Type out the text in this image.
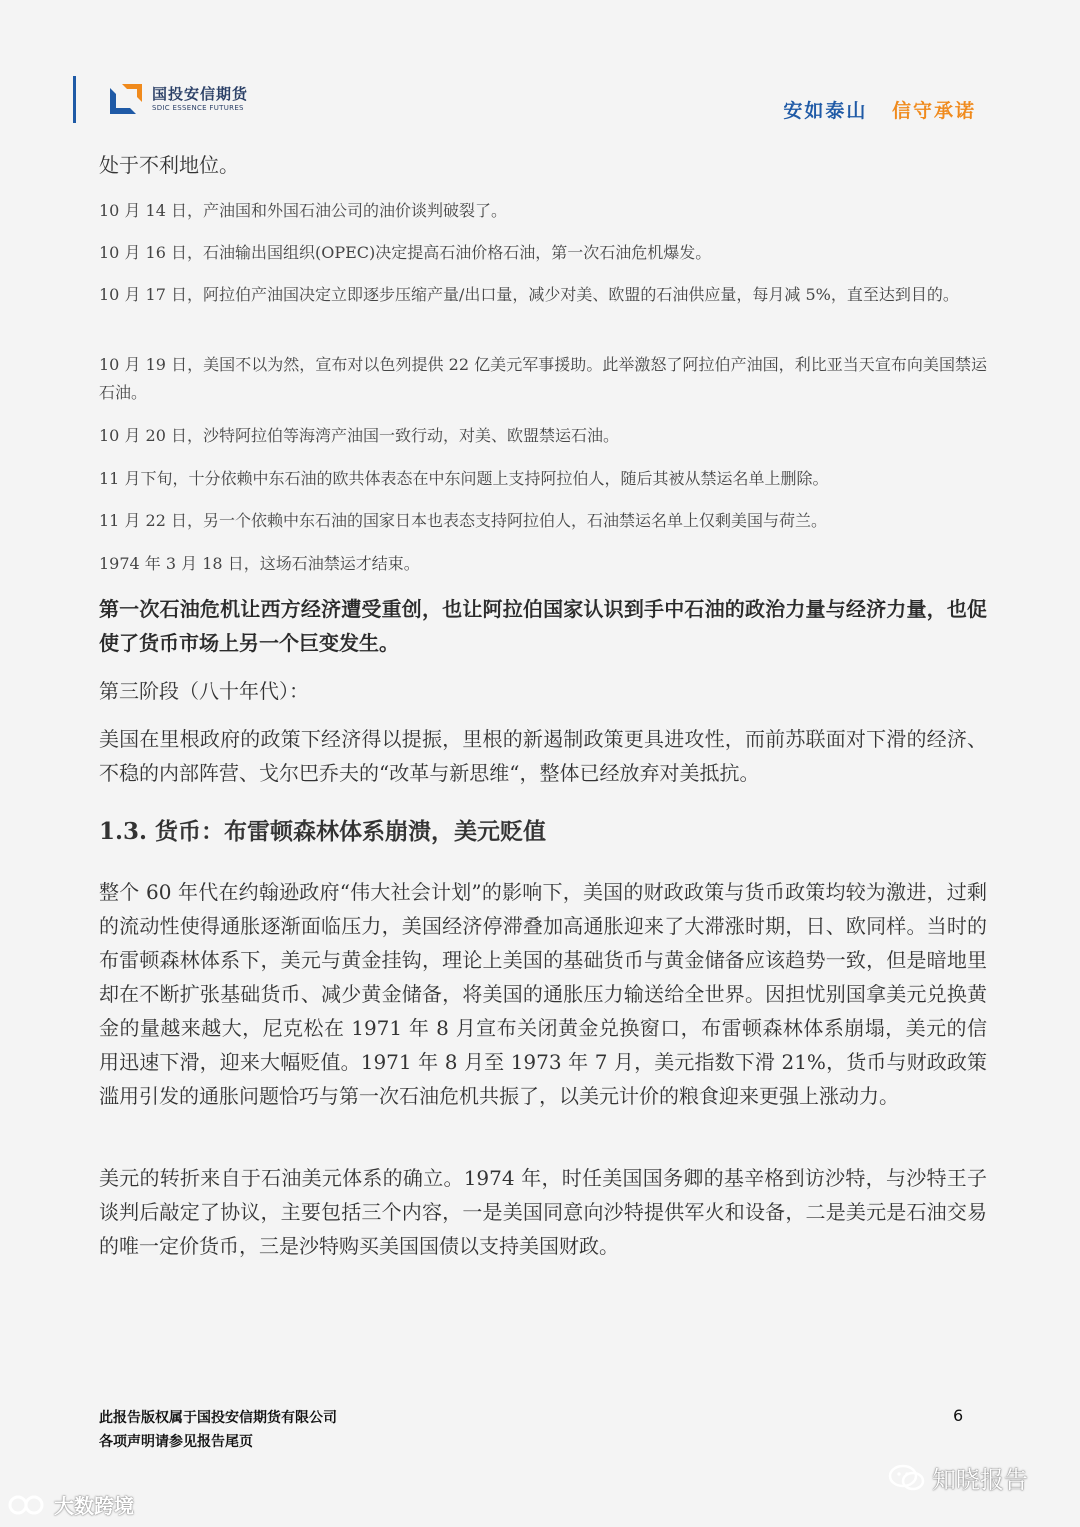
国投安信期货
SDIC ESSENCE FUTURES	安如泰山 信守承诺

处于不利地位。

10 月 14 日，产油国和外国石油公司的油价谈判破裂了。

10 月 16 日，石油输出国组织(OPEC)决定提高石油价格石油，第一次石油危机爆发。

10 月 17 日，阿拉伯产油国决定立即逐步压缩产量/出口量，减少对美、欧盟的石油供应量，每月减 5%，直至达到目的。

10 月 19 日，美国不以为然，宣布对以色列提供 22 亿美元军事援助。此举激怒了阿拉伯产油国，利比亚当天宣布向美国禁运石油。

10 月 20 日，沙特阿拉伯等海湾产油国一致行动，对美、欧盟禁运石油。

11 月下旬，十分依赖中东石油的欧共体表态在中东问题上支持阿拉伯人，随后其被从禁运名单上删除。

11 月 22 日，另一个依赖中东石油的国家日本也表态支持阿拉伯人，石油禁运名单上仅剩美国与荷兰。

1974 年 3 月 18 日，这场石油禁运才结束。

第一次石油危机让西方经济遭受重创，也让阿拉伯国家认识到手中石油的政治力量与经济力量，也促使了货币市场上另一个巨变发生。

第三阶段（八十年代）：

美国在里根政府的政策下经济得以提振，里根的新遏制政策更具进攻性，而前苏联面对下滑的经济、不稳的内部阵营、戈尔巴乔夫的“改革与新思维“，整体已经放弃对美抵抗。

1.3. 货币：布雷顿森林体系崩溃，美元贬值

整个 60 年代在约翰逊政府“伟大社会计划”的影响下，美国的财政政策与货币政策均较为激进，过剩的流动性使得通胀逐渐面临压力，美国经济停滞叠加高通胀迎来了大滞涨时期，日、欧同样。当时的布雷顿森林体系下，美元与黄金挂钩，理论上美国的基础货币与黄金储备应该趋势一致，但是暗地里却在不断扩张基础货币、减少黄金储备，将美国的通胀压力输送给全世界。因担忧别国拿美元兑换黄金的量越来越大，尼克松在 1971 年 8 月宣布关闭黄金兑换窗口，布雷顿森林体系崩塌，美元的信用迅速下滑，迎来大幅贬值。1971 年 8 月至 1973 年 7 月，美元指数下滑 21%，货币与财政政策滥用引发的通胀问题恰巧与第一次石油危机共振了，以美元计价的粮食迎来更强上涨动力。

美元的转折来自于石油美元体系的确立。1974 年，时任美国国务卿的基辛格到访沙特，与沙特王子谈判后敲定了协议，主要包括三个内容，一是美国同意向沙特提供军火和设备，二是美元是石油交易的唯一定价货币，三是沙特购买美国国债以支持美国财政。

此报告版权属于国投安信期货有限公司
各项声明请参见报告尾页
6
大数跨境
知晓报告
